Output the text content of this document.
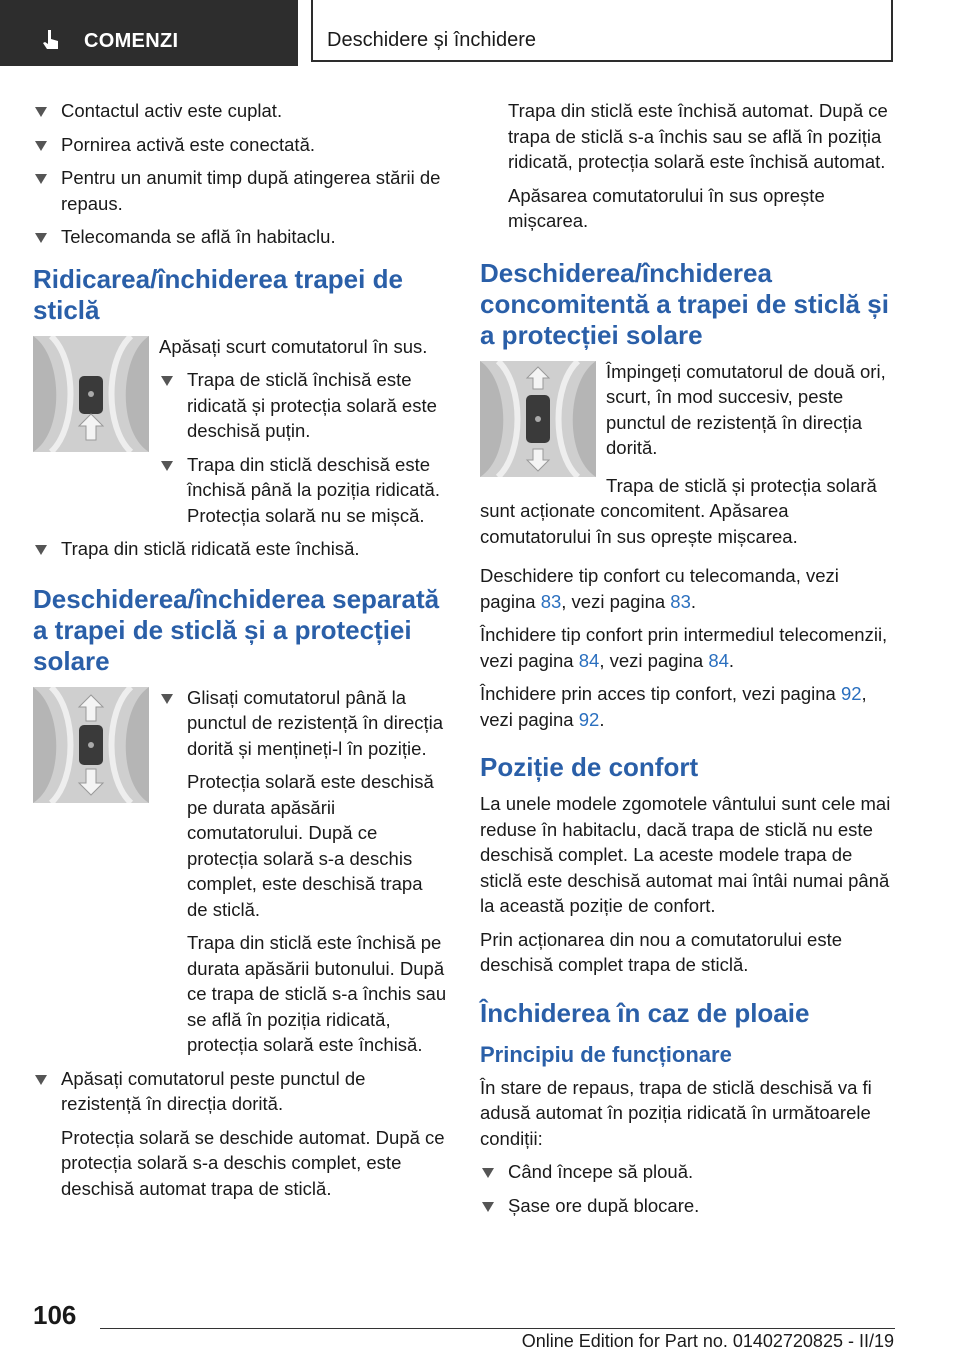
COMENZI	Deschidere și închidere
Contactul activ este cuplat.
Pornirea activă este conectată.
Pentru un anumit timp după atingerea stării de repaus.
Telecomanda se află în habitaclu.
Ridicarea/închiderea trapei de sticlă

Apăsați scurt comutatorul în sus.

Trapa de sticlă închisă este ridicată și protecția solară este deschisă puțin.
Trapa din sticlă deschisă este închisă până la poziția ridicată. Protecția solară nu se mișcă.
Trapa din sticlă ridicată este închisă.
Deschiderea/închiderea separată a trapei de sticlă și a protecției solare
Glisați comutatorul până la punctul de rezistență în direcția dorită și mențineți-l în poziție.

Protecția solară este deschisă pe durata apăsării comutatorului. După ce protecția solară s-a deschis complet, este deschisă trapa de sticlă.

Trapa din sticlă este închisă pe durata apăsării butonului. După ce trapa de sticlă s-a închis sau se află în poziția ridicată, protecția solară este închisă.

Apăsați comutatorul peste punctul de rezistență în direcția dorită.

Protecția solară se deschide automat. După ce protecția solară s-a deschis complet, este deschisă automat trapa de sticlă.

Trapa din sticlă este închisă automat. După ce trapa de sticlă s-a închis sau se află în poziția ridicată, protecția solară este închisă automat.

Apăsarea comutatorului în sus oprește mișcarea.

Deschiderea/închiderea concomitentă a trapei de sticlă și a protecției solare

Împingeți comutatorul de două ori, scurt, în mod succesiv, peste punctul de rezistență în direcția dorită.

Trapa de sticlă și protecția solară sunt acționate concomitent. Apăsarea comutatorului în sus oprește mișcarea.

Deschidere tip confort cu telecomanda, vezi pagina 83, vezi pagina 83.

Închidere tip confort prin intermediul telecomenzii, vezi pagina 84, vezi pagina 84.

Închidere prin acces tip confort, vezi pagina 92, vezi pagina 92.

Poziție de confort

La unele modele zgomotele vântului sunt cele mai reduse în habitaclu, dacă trapa de sticlă nu este deschisă complet. La aceste modele trapa de sticlă este deschisă automat mai întâi numai până la această poziție de confort.

Prin acționarea din nou a comutatorului este deschisă complet trapa de sticlă.

Închiderea în caz de ploaie
Principiu de funcționare

În stare de repaus, trapa de sticlă deschisă va fi adusă automat în poziția ridicată în următoarele condiții:

Când începe să plouă.
Șase ore după blocare.
106
Online Edition for Part no. 01402720825 - II/19
